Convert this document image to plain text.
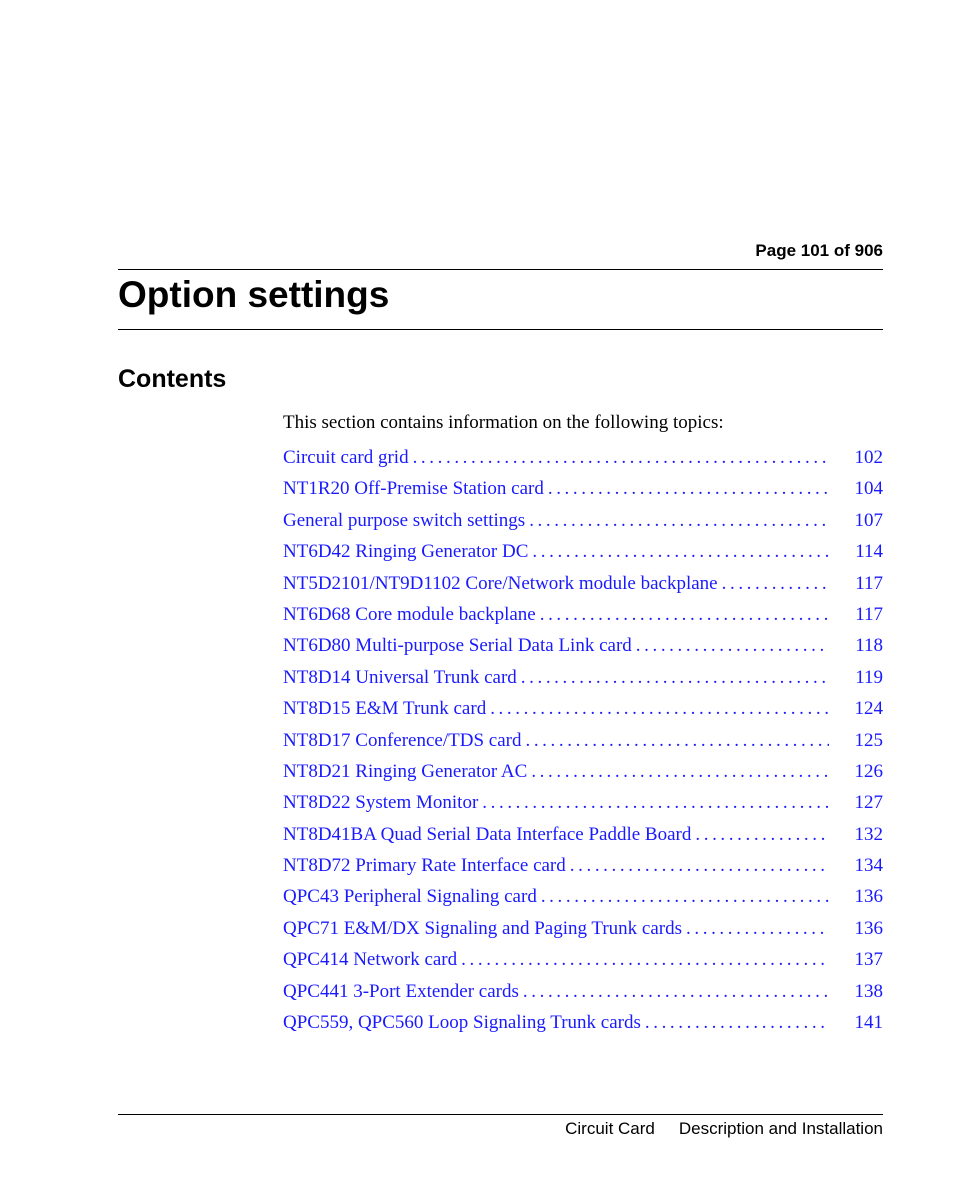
Page 101 of 906
Option settings
Contents

This section contains information on the following topics:

Circuit card grid .....	102
NT1R20 Off-Premise Station card .....	104
General purpose switch settings .....	107
NT6D42 Ringing Generator DC .....	114
NT5D2101/NT9D1102 Core/Network module backplane .....	117
NT6D68 Core module backplane .....	117
NT6D80 Multi-purpose Serial Data Link card .....	118
NT8D14 Universal Trunk card .....	119
NT8D15 E&M Trunk card .....	124
NT8D17 Conference/TDS card .....	125
NT8D21 Ringing Generator AC .....	126
NT8D22 System Monitor .....	127
NT8D41BA Quad Serial Data Interface Paddle Board .....	132
NT8D72 Primary Rate Interface card .....	134
QPC43 Peripheral Signaling card .....	136
QPC71 E&M/DX Signaling and Paging Trunk cards .....	136
QPC414 Network card .....	137
QPC441 3-Port Extender cards .....	138
QPC559, QPC560 Loop Signaling Trunk cards .....	141
Circuit Card Description and Installation
